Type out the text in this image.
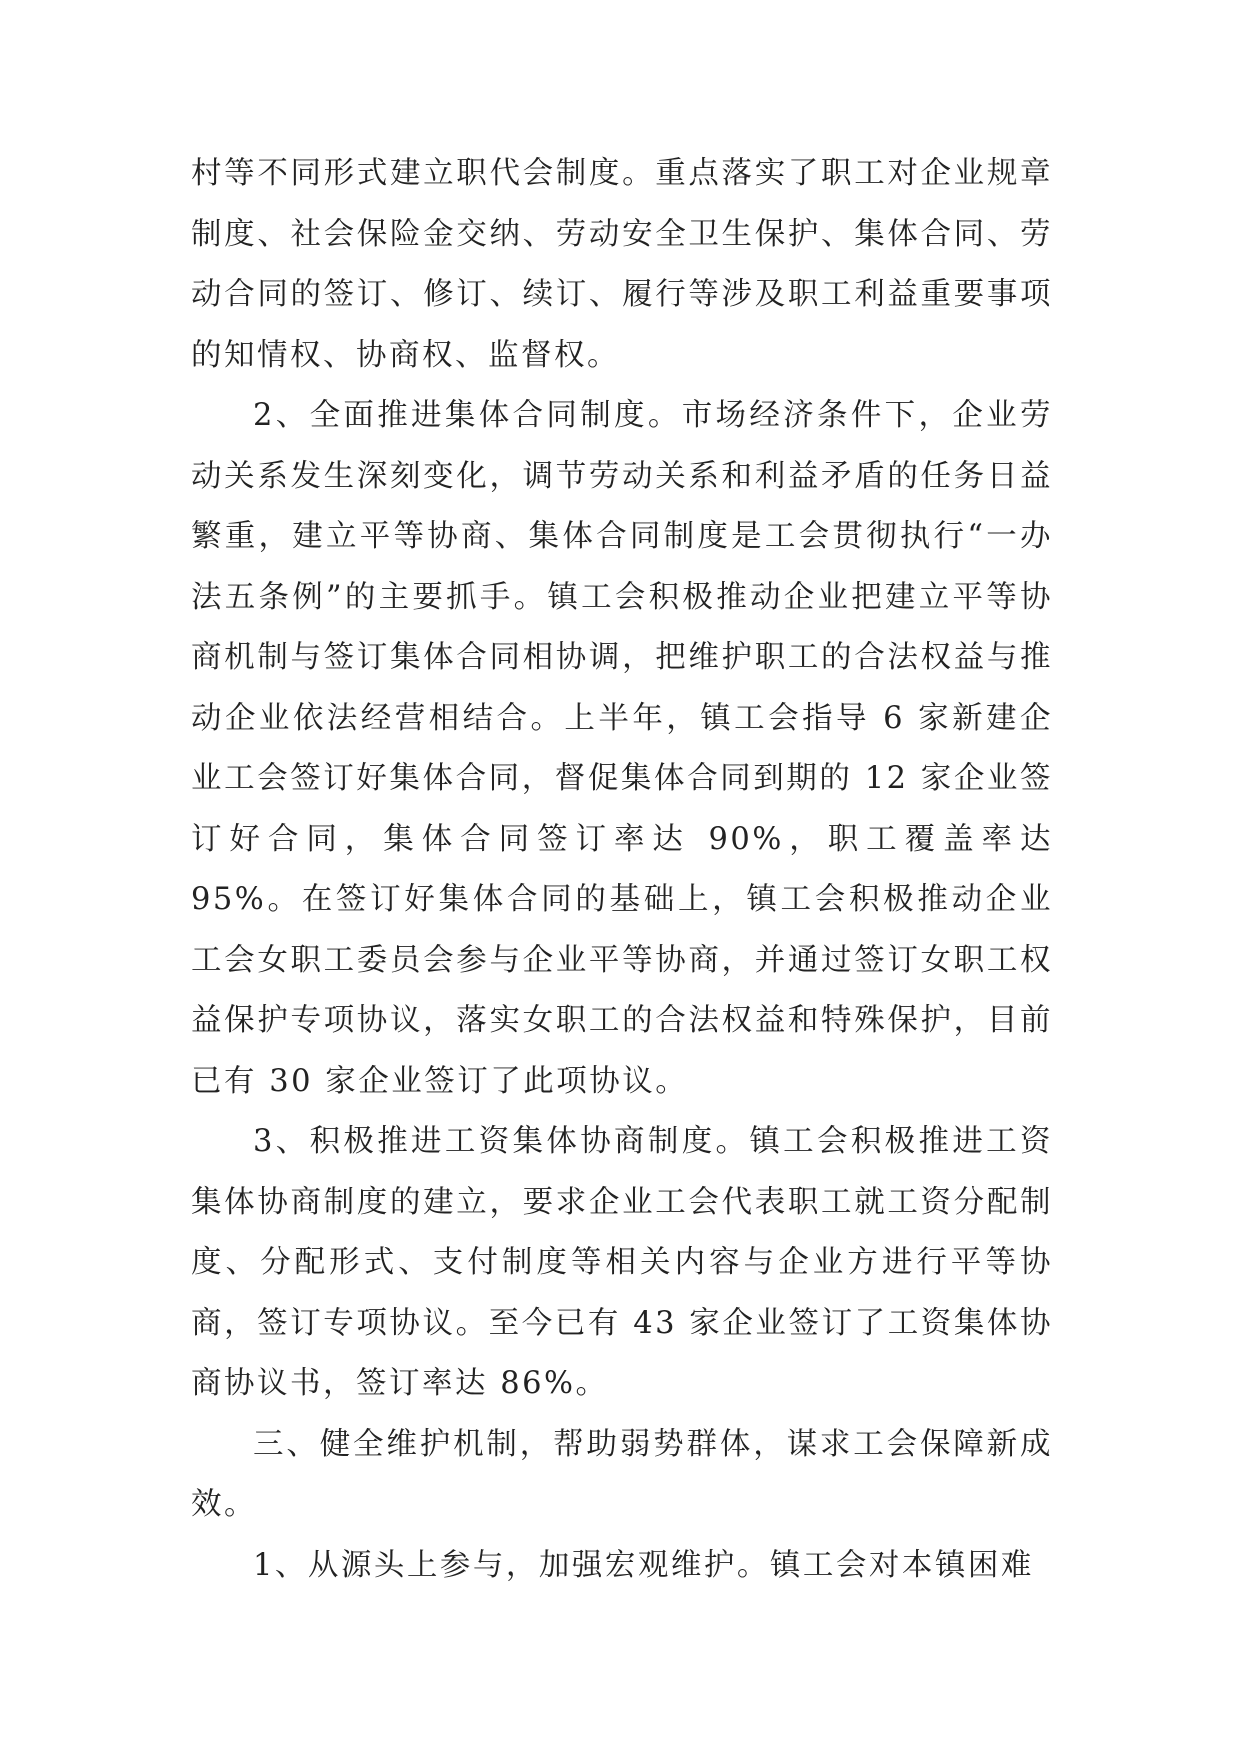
村等不同形式建立职代会制度。重点落实了职工对企业规章制度、社会保险金交纳、劳动安全卫生保护、集体合同、劳动合同的签订、修订、续订、履行等涉及职工利益重要事项的知情权、协商权、监督权。

2、全面推进集体合同制度。市场经济条件下，企业劳动关系发生深刻变化，调节劳动关系和利益矛盾的任务日益繁重，建立平等协商、集体合同制度是工会贯彻执行“一办法五条例”的主要抓手。镇工会积极推动企业把建立平等协商机制与签订集体合同相协调，把维护职工的合法权益与推动企业依法经营相结合。上半年，镇工会指导 6 家新建企业工会签订好集体合同，督促集体合同到期的 12 家企业签订好合同，集体合同签订率达 90%，职工覆盖率达 95%。在签订好集体合同的基础上，镇工会积极推动企业工会女职工委员会参与企业平等协商，并通过签订女职工权益保护专项协议，落实女职工的合法权益和特殊保护，目前已有 30 家企业签订了此项协议。

3、积极推进工资集体协商制度。镇工会积极推进工资集体协商制度的建立，要求企业工会代表职工就工资分配制度、分配形式、支付制度等相关内容与企业方进行平等协商，签订专项协议。至今已有 43 家企业签订了工资集体协商协议书，签订率达 86%。

三、健全维护机制，帮助弱势群体，谋求工会保障新成效。

1、从源头上参与，加强宏观维护。镇工会对本镇困难
